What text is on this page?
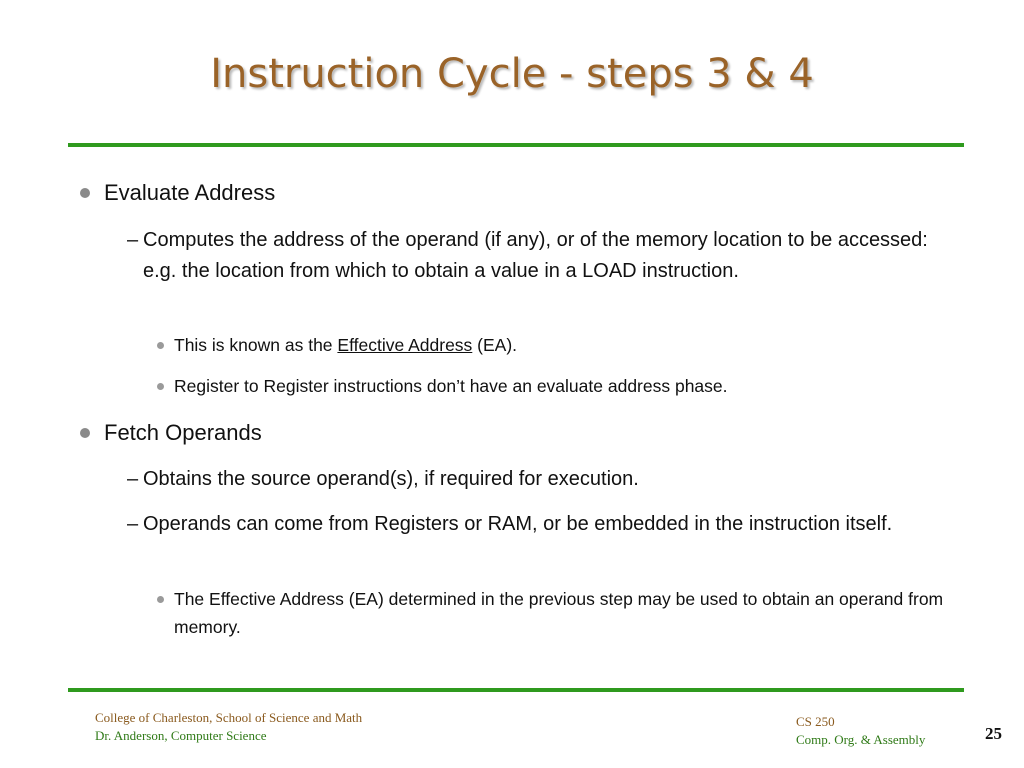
Instruction Cycle - steps 3 & 4
Evaluate Address
– Computes the address of the operand (if any), or of the memory location to be accessed: e.g. the location from which to obtain a value in a LOAD instruction.
This is known as the Effective Address (EA).
Register to Register instructions don’t have an evaluate address phase.
Fetch Operands
– Obtains the source operand(s), if required for execution.
– Operands can come from Registers or RAM, or be embedded in the instruction itself.
The Effective Address (EA) determined in the previous step may be used to obtain an operand from memory.
College of Charleston, School of Science and Math
Dr. Anderson, Computer Science
CS 250
Comp. Org. & Assembly	25
